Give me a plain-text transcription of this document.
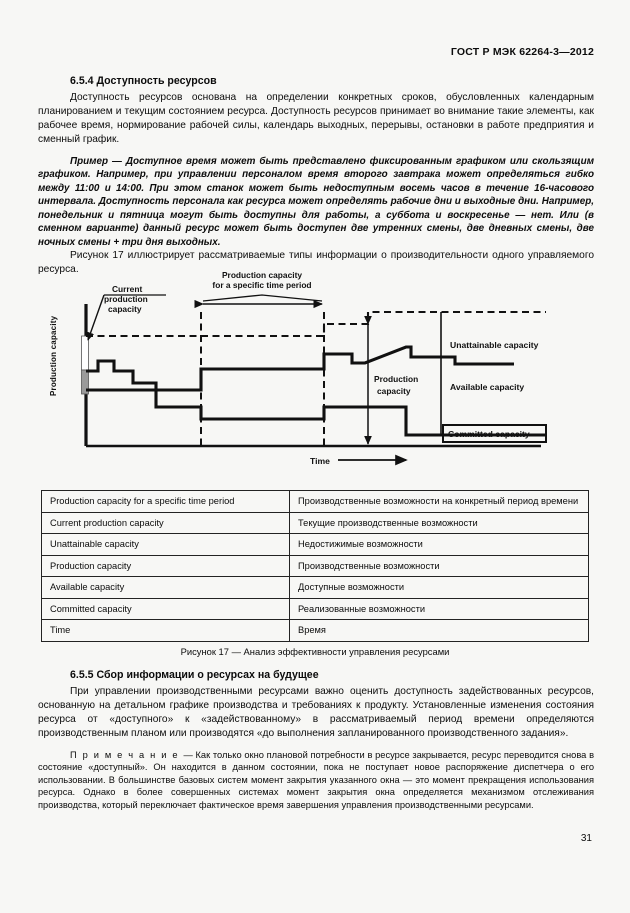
ГОСТ Р МЭК 62264-3—2012
6.5.4 Доступность ресурсов

Доступность ресурсов основана на определении конкретных сроков, обусловленных календарным планированием и текущим состоянием ресурса. Доступность ресурсов принимает во внимание такие элементы, как рабочее время, нормирование рабочей силы, календарь выходных, перерывы, остановки в работе предприятия и сменный график.

Пример — Доступное время может быть представлено фиксированным графиком или скользящим графиком. Например, при управлении персоналом время второго завтрака может определяться гибко между 11:00 и 14:00. При этом станок может быть недоступным восемь часов в течение 16-часового интервала. Доступность персонала как ресурса может определять рабочие дни и выходные дни. Например, понедельник и пятница могут быть доступны для работы, а суббота и воскресенье — нет. Или (в сменном варианте) данный ресурс может быть доступен две утренних смены, две дневных смены, две ночных смены + три дня выходных.

Рисунок 17 иллюстрирует рассматриваемые типы информации о производительности одного управляемого ресурса.

Production capacity
Production capacity
for a specific time period
Current
production
capacity
Production
capacity
Unattainable capacity
Available capacity
Committed capacity
Time
Production capacity for a specific time period	Производственные возможности на конкретный период времени
Current production capacity	Текущие производственные возможности
Unattainable capacity	Недостижимые возможности
Production capacity	Производственные возможности
Available capacity	Доступные возможности
Committed capacity	Реализованные возможности
Time	Время
Рисунок 17 — Анализ эффективности управления ресурсами
6.5.5 Сбор информации о ресурсах на будущее

При управлении производственными ресурсами важно оценить доступность задействованных ресурсов, основанную на детальном графике производства и требованиях к продукту. Установленные изменения состояния ресурса от «доступного» к «задействованному» в рассматриваемый период времени определяются производственным планом или производятся «до выполнения запланированного производственного задания».

П р и м е ч а н и е — Как только окно плановой потребности в ресурсе закрывается, ресурс переводится снова в состояние «доступный». Он находится в данном состоянии, пока не поступает новое распоряжение диспетчера о его использовании. В большинстве базовых систем момент закрытия указанного окна — это момент прекращения использования ресурса. Однако в более совершенных системах момент закрытия окна определяется механизмом отслеживания производства, который переключает фактическое время завершения управления производственными ресурсами.

31
